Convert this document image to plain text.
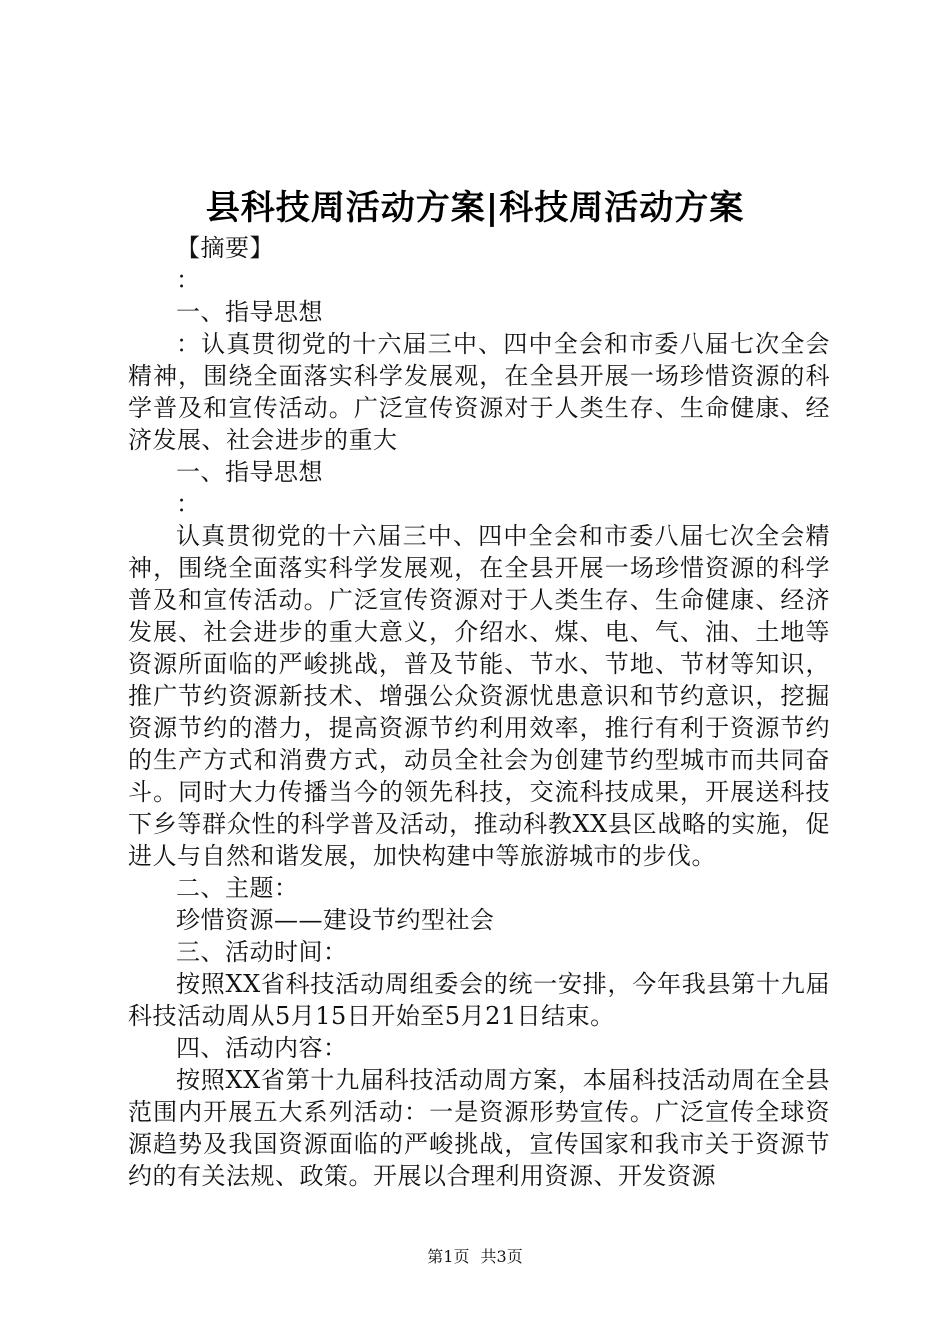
县科技周活动方案|科技周活动方案

【摘要】

：

一、指导思想

：认真贯彻党的十六届三中、四中全会和市委八届七次全会精神，围绕全面落实科学发展观，在全县开展一场珍惜资源的科学普及和宣传活动。广泛宣传资源对于人类生存、生命健康、经济发展、社会进步的重大

一、指导思想

：

认真贯彻党的十六届三中、四中全会和市委八届七次全会精神，围绕全面落实科学发展观，在全县开展一场珍惜资源的科学普及和宣传活动。广泛宣传资源对于人类生存、生命健康、经济发展、社会进步的重大意义，介绍水、煤、电、气、油、土地等资源所面临的严峻挑战，普及节能、节水、节地、节材等知识，推广节约资源新技术、增强公众资源忧患意识和节约意识，挖掘资源节约的潜力，提高资源节约利用效率，推行有利于资源节约的生产方式和消费方式，动员全社会为创建节约型城市而共同奋斗。同时大力传播当今的领先科技，交流科技成果，开展送科技下乡等群众性的科学普及活动，推动科教XX县区战略的实施，促进人与自然和谐发展，加快构建中等旅游城市的步伐。

二、主题：

珍惜资源——建设节约型社会

三、活动时间：

按照XX省科技活动周组委会的统一安排，今年我县第十九届科技活动周从5月15日开始至5月21日结束。

四、活动内容：

按照XX省第十九届科技活动周方案，本届科技活动周在全县范围内开展五大系列活动：一是资源形势宣传。广泛宣传全球资源趋势及我国资源面临的严峻挑战，宣传国家和我市关于资源节约的有关法规、政策。开展以合理利用资源、开发资源

第1页 共3页
